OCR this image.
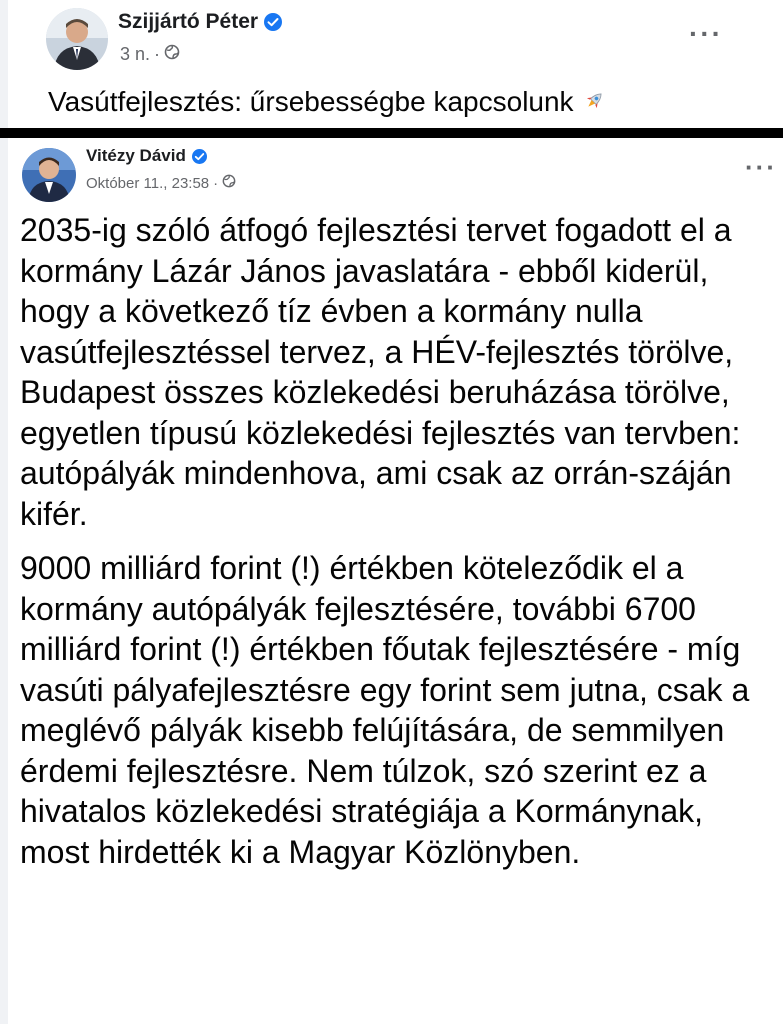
Szijjártó Péter
3 n. ·
···
Vasútfejlesztés: űrsebességbe kapcsolunk
Vitézy Dávid
Október 11., 23:58 ·
···

2035-ig szóló átfogó fejlesztési tervet fogadott el a kormány Lázár János javaslatára - ebből kiderül, hogy a következő tíz évben a kormány nulla vasútfejlesztéssel tervez, a HÉV-fejlesztés törölve, Budapest összes közlekedési beruházása törölve, egyetlen típusú közlekedési fejlesztés van tervben: autópályák mindenhova, ami csak az orrán-száján kifér.

9000 milliárd forint (!) értékben köteleződik el a kormány autópályák fejlesztésére, további 6700 milliárd forint (!) értékben főutak fejlesztésére - míg vasúti pályafejlesztésre egy forint sem jutna, csak a meglévő pályák kisebb felújítására, de semmilyen érdemi fejlesztésre. Nem túlzok, szó szerint ez a hivatalos közlekedési stratégiája a Kormánynak, most hirdették ki a Magyar Közlönyben.
